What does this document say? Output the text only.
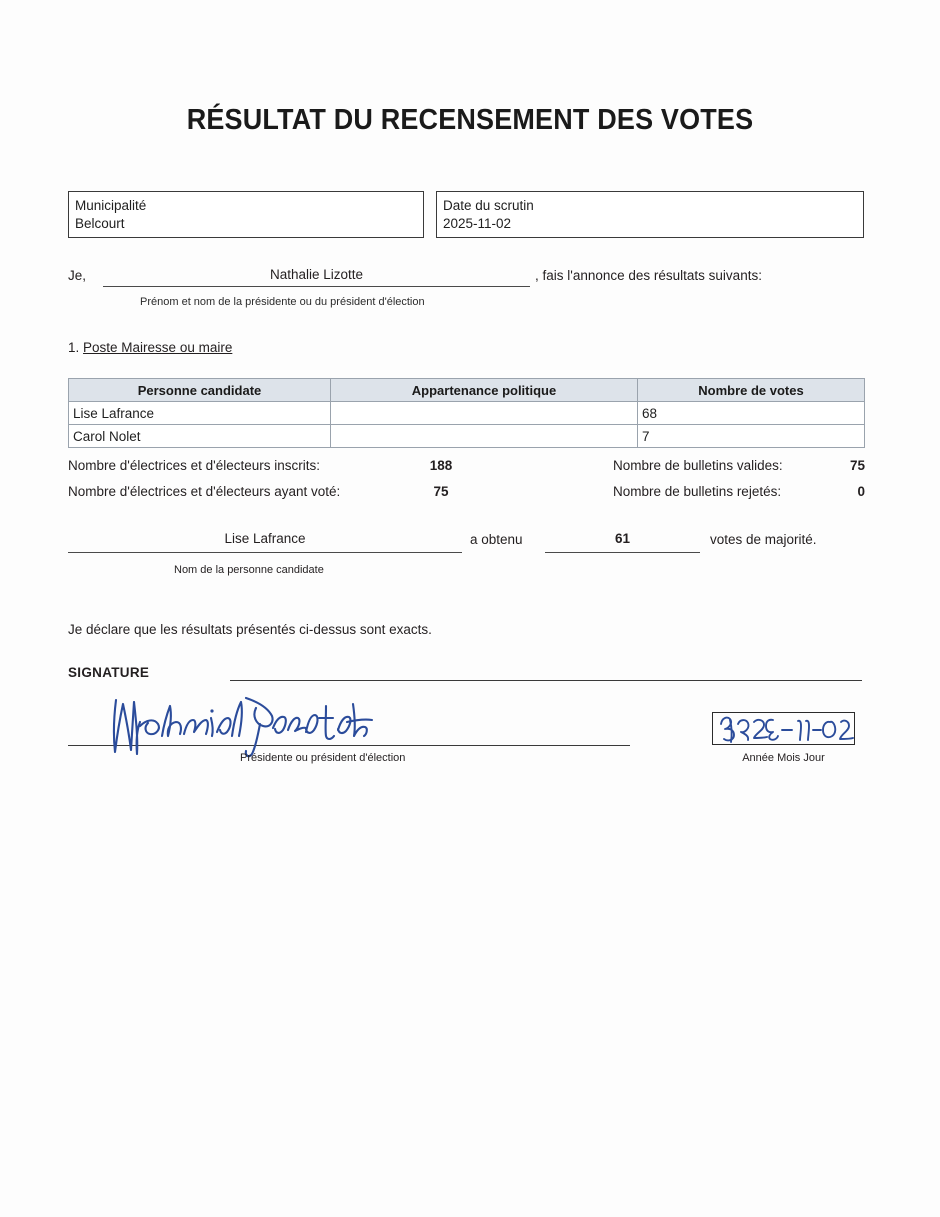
RÉSULTAT DU RECENSEMENT DES VOTES
Municipalité
Belcourt
Date du scrutin
2025-11-02
Je,	Nathalie Lizotte	, fais l'annonce des résultats suivants:
Prénom et nom de la présidente ou du président d'élection
1. Poste Mairesse ou maire
Personne candidate	Appartenance politique	Nombre de votes
Lise Lafrance		68
Carol Nolet		7
Nombre d'électrices et d'électeurs inscrits:	188	Nombre de bulletins valides:	75
Nombre d'électrices et d'électeurs ayant voté:	75	Nombre de bulletins rejetés:	0
Lise Lafrance	a obtenu	61	votes de majorité.
Nom de la personne candidate
Je déclare que les résultats présentés ci-dessus sont exacts.
SIGNATURE
Présidente ou président d'élection	Année Mois Jour
